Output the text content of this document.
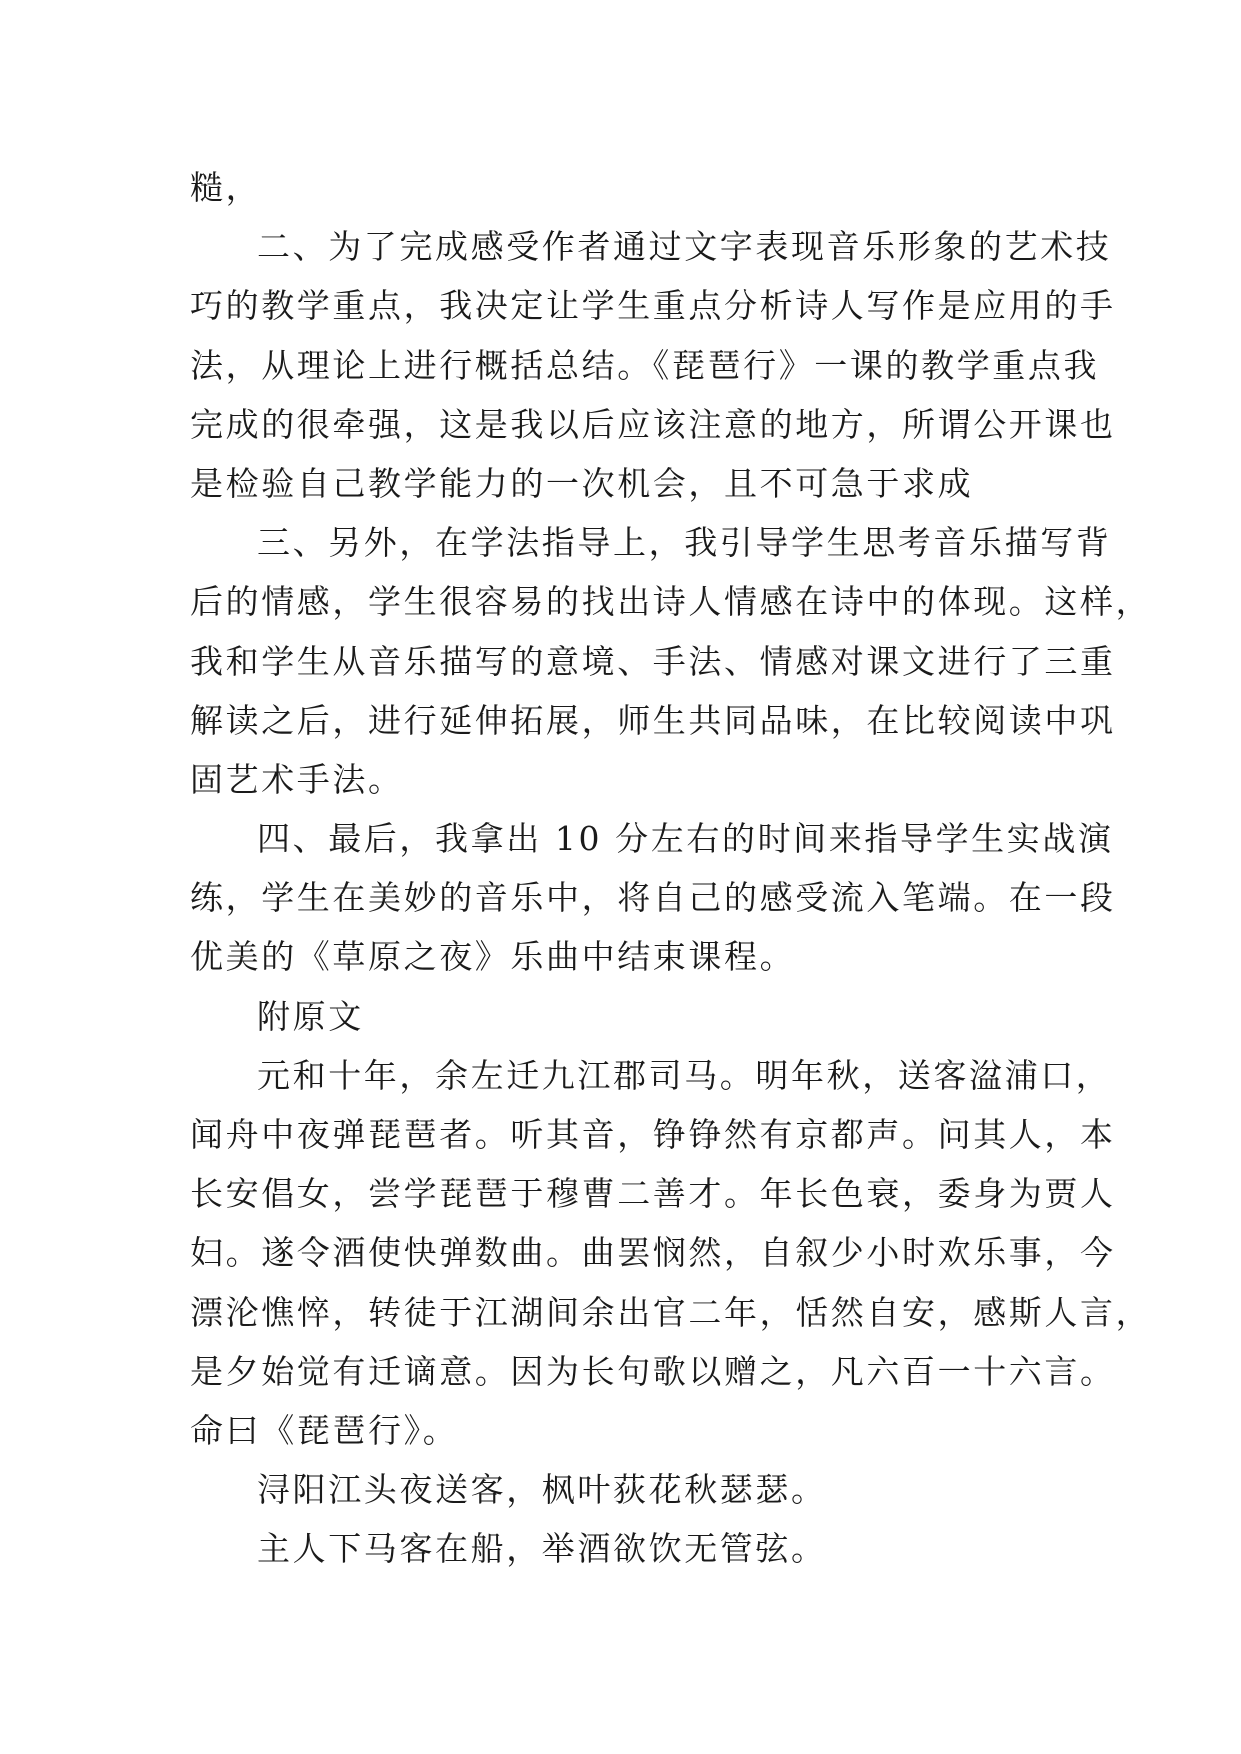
糙，
二、为了完成感受作者通过文字表现音乐形象的艺术技
巧的教学重点，我决定让学生重点分析诗人写作是应用的手
法，从理论上进行概括总结。《琵琶行》一课的教学重点我
完成的很牵强，这是我以后应该注意的地方，所谓公开课也
是检验自己教学能力的一次机会，且不可急于求成
三、另外，在学法指导上，我引导学生思考音乐描写背
后的情感，学生很容易的找出诗人情感在诗中的体现。这样，
我和学生从音乐描写的意境、手法、情感对课文进行了三重
解读之后，进行延伸拓展，师生共同品味，在比较阅读中巩
固艺术手法。
四、最后，我拿出 10 分左右的时间来指导学生实战演
练，学生在美妙的音乐中，将自己的感受流入笔端。在一段
优美的《草原之夜》乐曲中结束课程。
附原文
元和十年，余左迁九江郡司马。明年秋，送客湓浦口，
闻舟中夜弹琵琶者。听其音，铮铮然有京都声。问其人，本
长安倡女，尝学琵琶于穆曹二善才。年长色衰，委身为贾人
妇。遂令酒使快弹数曲。曲罢悯然，自叙少小时欢乐事，今
漂沦憔悴，转徒于江湖间余出官二年，恬然自安，感斯人言，
是夕始觉有迁谪意。因为长句歌以赠之，凡六百一十六言。
命曰《琵琶行》。
浔阳江头夜送客，枫叶荻花秋瑟瑟。
主人下马客在船，举酒欲饮无管弦。
